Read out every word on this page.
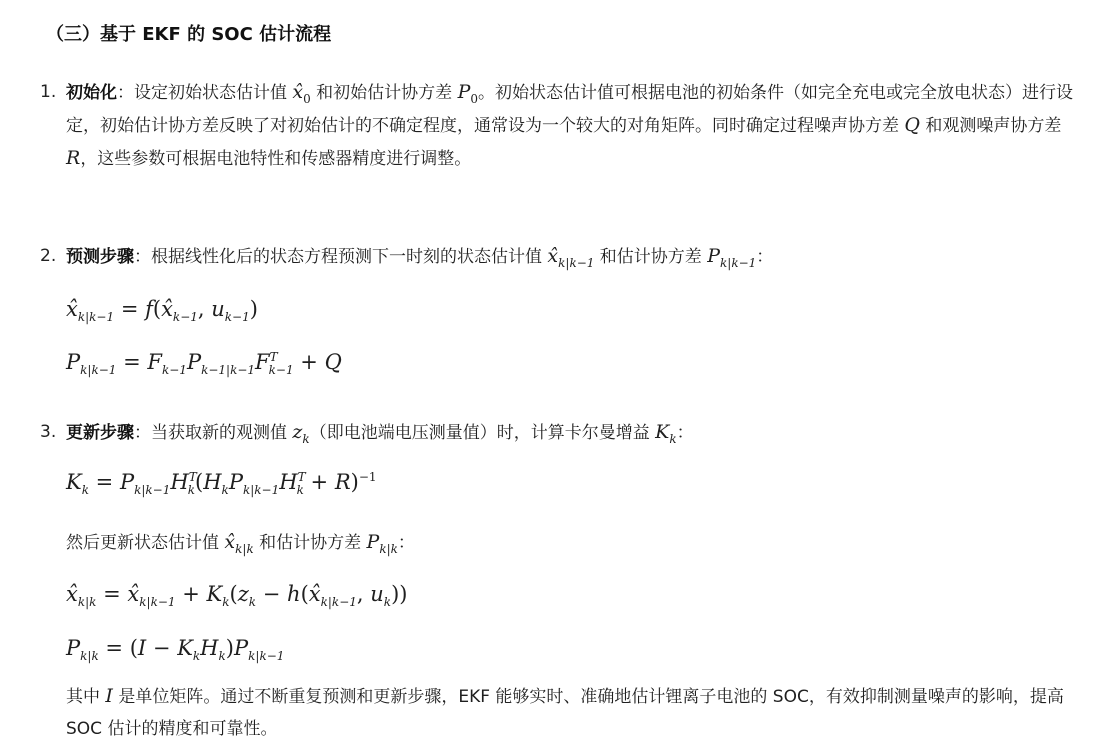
（三）基于 EKF 的 SOC 估计流程
1. 初始化：设定初始状态估计值 $x̂_0$ 和初始估计协方差 $P_0$。初始状态估计值可根据电池的初始条件（如完全充电或完全放电状态）进行设定，初始估计协方差反映了对初始估计的不确定程度，通常设为一个较大的对角矩阵。同时确定过程噪声协方差 Q 和观测噪声协方差 R，这些参数可根据电池特性和传感器精度进行调整。
2. 预测步骤：根据线性化后的状态方程预测下一时刻的状态估计值 $x̂_{k|k-1}$ 和估计协方差 $P_{k|k-1}$：
$x̂_{k|k-1}$ = $f(x̂_{k-1}$, $u_{k-1}$)
$P_{k|k-1} = F_{k-1}P_{k-1|k-1}F^T_{k-1} + Q$
3. 更新步骤：当获取新的观测值 $z_k$（即电池端电压测量值）时，计算卡尔曼增益 $K_k$：
$K_k = P_{k|k-1}H^T_k(H_kP_{k|k-1}H^T_k + R)^{-1}$
然后更新状态估计值 $x̂_{k|k}$ 和估计协方差 $P_{k|k}$：
$x̂_{k|k}$ = $x̂_{k|k-1} + K_k(z_k$ − $h(x̂_{k|k-1}$, $u_k$))
$P_{k|k} = (I - K_kH_k)P_{k|k-1}$
其中 I 是单位矩阵。通过不断重复预测和更新步骤，EKF 能够实时、准确地估计锂离子电池的 SOC，有效抑制测量噪声的影响，提高 SOC 估计的精度和可靠性。
